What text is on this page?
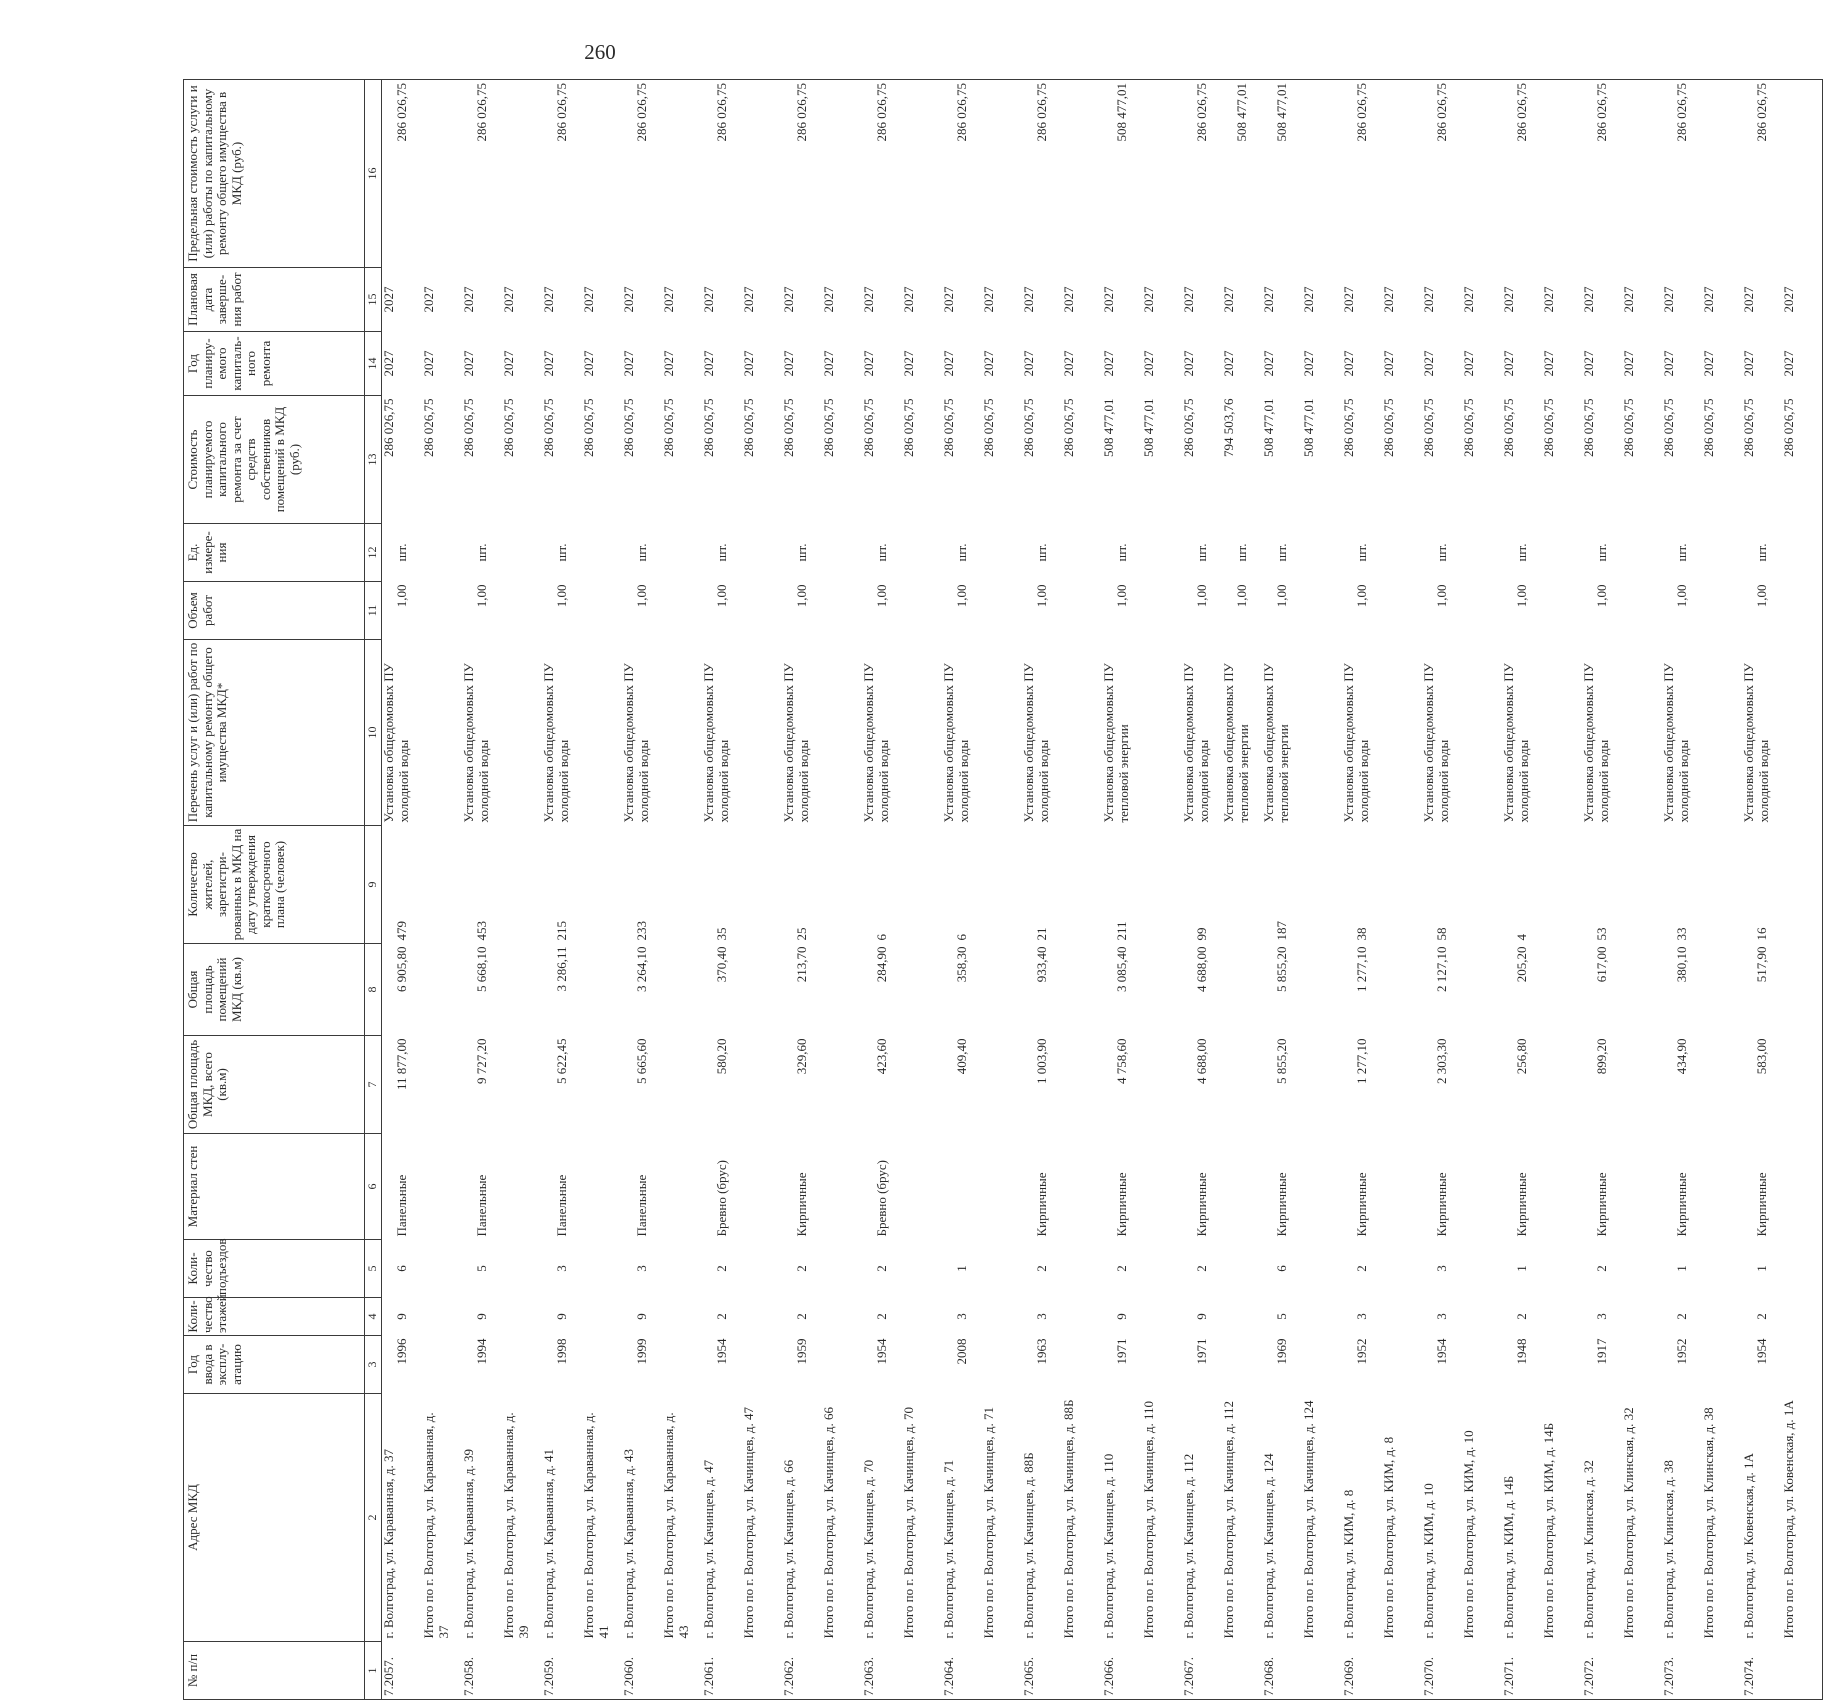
260
№ п/п	Адрес МКД	Год ввода в эксплу-атацию	Коли-чество этажей	Коли-чество подъездов	Материал стен	Общая площадь МКД, всего (кв.м)	Общая площадь помещений МКД (кв.м)	Количество жителей, зарегистри-рованных в МКД на дату утверждения краткосрочного плана (человек)	Перечень услуг и (или) работ по капитальному ремонту общего имущества МКД*	Объем работ	Ед. измере-ния	Стоимость планируемого капитального ремонта за счет средств собственников помещений в МКД (руб.)	Год планиру-емого капиталь-ного ремонта	Плановая дата заверше-ния работ	Предельная стоимость услуги и (или) работы по капитальному ремонту общего имущества в МКД (руб.)
1	2	3	4	5	6	7	8	9	10	11	12	13	14	15	16
7.2057.	г. Волгоград, ул. Караванная, д. 37	1996	9	6	Панельные	11 877,00	6 905,80	479	Установка общедомовых ПУ холодной воды	1,00	шт.	286 026,75	2027	2027	286 026,75
	Итого по г. Волгоград, ул. Караванная, д. 37											286 026,75	2027	2027	
7.2058.	г. Волгоград, ул. Караванная, д. 39	1994	9	5	Панельные	9 727,20	5 668,10	453	Установка общедомовых ПУ холодной воды	1,00	шт.	286 026,75	2027	2027	286 026,75
	Итого по г. Волгоград, ул. Караванная, д. 39											286 026,75	2027	2027	
7.2059.	г. Волгоград, ул. Караванная, д. 41	1998	9	3	Панельные	5 622,45	3 286,11	215	Установка общедомовых ПУ холодной воды	1,00	шт.	286 026,75	2027	2027	286 026,75
	Итого по г. Волгоград, ул. Караванная, д. 41											286 026,75	2027	2027	
7.2060.	г. Волгоград, ул. Караванная, д. 43	1999	9	3	Панельные	5 665,60	3 264,10	233	Установка общедомовых ПУ холодной воды	1,00	шт.	286 026,75	2027	2027	286 026,75
	Итого по г. Волгоград, ул. Караванная, д. 43											286 026,75	2027	2027	
7.2061.	г. Волгоград, ул. Качинцев, д. 47	1954	2	2	Бревно (брус)	580,20	370,40	35	Установка общедомовых ПУ холодной воды	1,00	шт.	286 026,75	2027	2027	286 026,75
	Итого по г. Волгоград, ул. Качинцев, д. 47											286 026,75	2027	2027	
7.2062.	г. Волгоград, ул. Качинцев, д. 66	1959	2	2	Кирпичные	329,60	213,70	25	Установка общедомовых ПУ холодной воды	1,00	шт.	286 026,75	2027	2027	286 026,75
	Итого по г. Волгоград, ул. Качинцев, д. 66											286 026,75	2027	2027	
7.2063.	г. Волгоград, ул. Качинцев, д. 70	1954	2	2	Бревно (брус)	423,60	284,90	6	Установка общедомовых ПУ холодной воды	1,00	шт.	286 026,75	2027	2027	286 026,75
	Итого по г. Волгоград, ул. Качинцев, д. 70											286 026,75	2027	2027	
7.2064.	г. Волгоград, ул. Качинцев, д. 71	2008	3	1		409,40	358,30	6	Установка общедомовых ПУ холодной воды	1,00	шт.	286 026,75	2027	2027	286 026,75
	Итого по г. Волгоград, ул. Качинцев, д. 71											286 026,75	2027	2027	
7.2065.	г. Волгоград, ул. Качинцев, д. 88Б	1963	3	2	Кирпичные	1 003,90	933,40	21	Установка общедомовых ПУ холодной воды	1,00	шт.	286 026,75	2027	2027	286 026,75
	Итого по г. Волгоград, ул. Качинцев, д. 88Б											286 026,75	2027	2027	
7.2066.	г. Волгоград, ул. Качинцев, д. 110	1971	9	2	Кирпичные	4 758,60	3 085,40	211	Установка общедомовых ПУ тепловой энергии	1,00	шт.	508 477,01	2027	2027	508 477,01
	Итого по г. Волгоград, ул. Качинцев, д. 110											508 477,01	2027	2027	
7.2067.	г. Волгоград, ул. Качинцев, д. 112	1971	9	2	Кирпичные	4 688,00	4 688,00	99	Установка общедомовых ПУ холодной воды	1,00	шт.	286 026,75	2027	2027	286 026,75
	Итого по г. Волгоград, ул. Качинцев, д. 112								Установка общедомовых ПУ тепловой энергии	1,00	шт.	794 503,76	2027	2027	508 477,01
7.2068.	г. Волгоград, ул. Качинцев, д. 124	1969	5	6	Кирпичные	5 855,20	5 855,20	187	Установка общедомовых ПУ тепловой энергии	1,00	шт.	508 477,01	2027	2027	508 477,01
	Итого по г. Волгоград, ул. Качинцев, д. 124											508 477,01	2027	2027	
7.2069.	г. Волгоград, ул. КИМ, д. 8	1952	3	2	Кирпичные	1 277,10	1 277,10	38	Установка общедомовых ПУ холодной воды	1,00	шт.	286 026,75	2027	2027	286 026,75
	Итого по г. Волгоград, ул. КИМ, д. 8											286 026,75	2027	2027	
7.2070.	г. Волгоград, ул. КИМ, д. 10	1954	3	3	Кирпичные	2 303,30	2 127,10	58	Установка общедомовых ПУ холодной воды	1,00	шт.	286 026,75	2027	2027	286 026,75
	Итого по г. Волгоград, ул. КИМ, д. 10											286 026,75	2027	2027	
7.2071.	г. Волгоград, ул. КИМ, д. 14Б	1948	2	1	Кирпичные	256,80	205,20	4	Установка общедомовых ПУ холодной воды	1,00	шт.	286 026,75	2027	2027	286 026,75
	Итого по г. Волгоград, ул. КИМ, д. 14Б											286 026,75	2027	2027	
7.2072.	г. Волгоград, ул. Клинская, д. 32	1917	3	2	Кирпичные	899,20	617,00	53	Установка общедомовых ПУ холодной воды	1,00	шт.	286 026,75	2027	2027	286 026,75
	Итого по г. Волгоград, ул. Клинская, д. 32											286 026,75	2027	2027	
7.2073.	г. Волгоград, ул. Клинская, д. 38	1952	2	1	Кирпичные	434,90	380,10	33	Установка общедомовых ПУ холодной воды	1,00	шт.	286 026,75	2027	2027	286 026,75
	Итого по г. Волгоград, ул. Клинская, д. 38											286 026,75	2027	2027	
7.2074.	г. Волгоград, ул. Ковенская, д. 1А	1954	2	1	Кирпичные	583,00	517,90	16	Установка общедомовых ПУ холодной воды	1,00	шт.	286 026,75	2027	2027	286 026,75
	Итого по г. Волгоград, ул. Ковенская, д. 1А											286 026,75	2027	2027	
